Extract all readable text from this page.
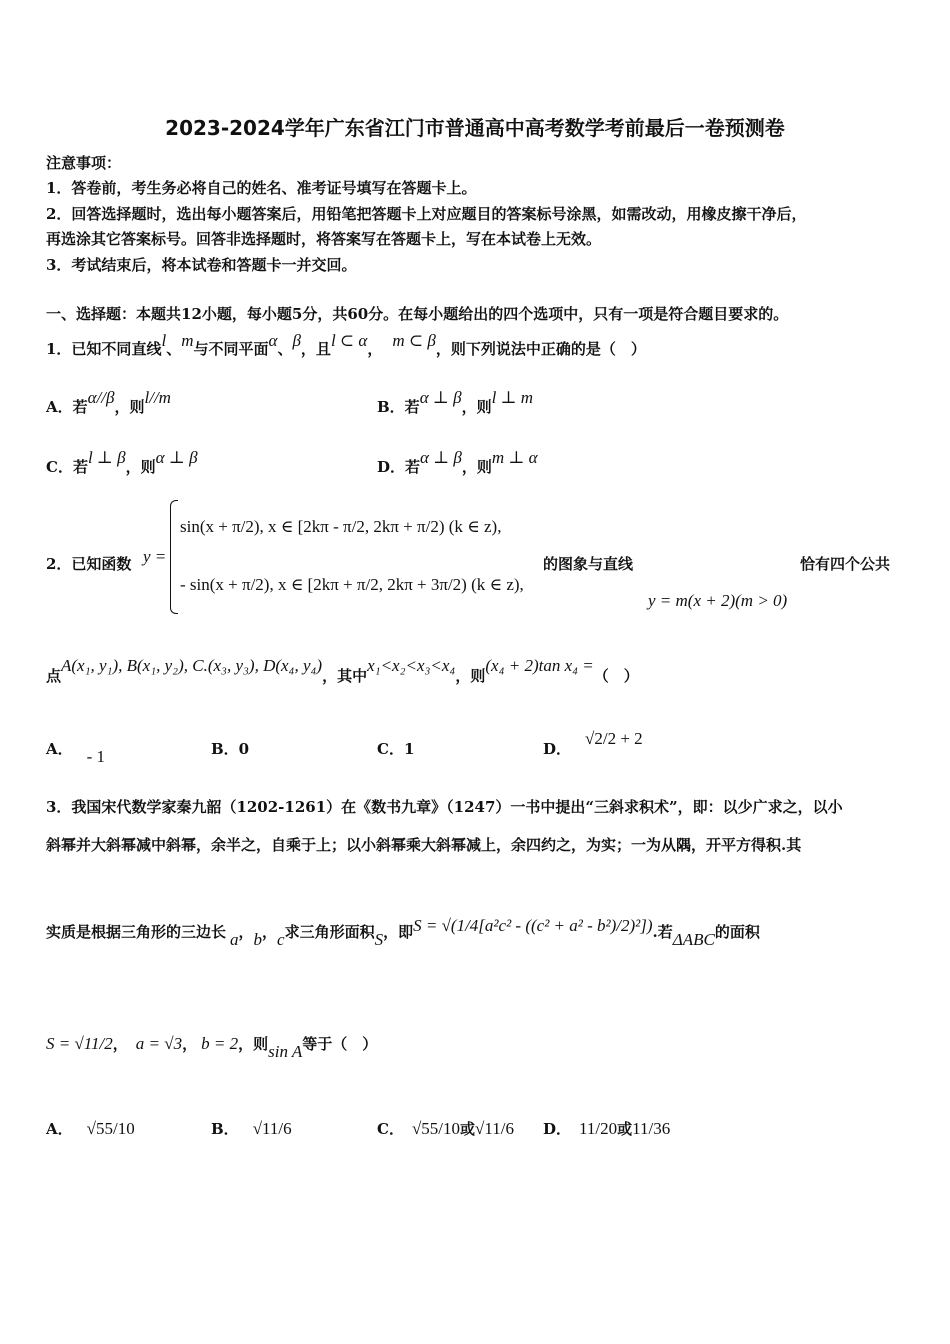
2023-2024学年广东省江门市普通高中高考数学考前最后一卷预测卷
注意事项：
1．答卷前，考生务必将自己的姓名、准考证号填写在答题卡上。
2．回答选择题时，选出每小题答案后，用铅笔把答题卡上对应题目的答案标号涂黑，如需改动，用橡皮擦干净后，
再选涂其它答案标号。回答非选择题时，将答案写在答题卡上，写在本试卷上无效。
3．考试结束后，将本试卷和答题卡一并交回。
一、选择题：本题共12小题，每小题5分，共60分。在每小题给出的四个选项中，只有一项是符合题目要求的。
1．已知不同直线l、m与不同平面α、β，且l ⊂ α， m ⊂ β，则下列说法中正确的是（　）
A．若α//β，则l//m	B．若α ⊥ β，则l ⊥ m
C．若l ⊥ β，则α ⊥ β	D．若α ⊥ β，则m ⊥ α
2．已知函数 y =
sin(x + π/2), x ∈ [2kπ - π/2, 2kπ + π/2) (k ∈ z),
- sin(x + π/2), x ∈ [2kπ + π/2, 2kπ + 3π/2) (k ∈ z),
的图象与直线	恰有四个公共
y = m(x + 2)(m > 0)
点A(x₁, y₁), B(x₁, y₂), C.(x₃, y₃), D(x₄, y₄)，其中x₁<x₂<x₃<x₄，则(x₄ + 2)tan x₄ =（　）
A． - 1	B．0	C．1	D．√2/2 + 2
3．我国宋代数学家秦九韶（1202-1261）在《数书九章》（1247）一书中提出“三斜求积术”，即：以少广求之，以小
斜幂并大斜幂减中斜幂，余半之，自乘于上；以小斜幂乘大斜幂减上，余四约之，为实；一为从隅，开平方得积.其
实质是根据三角形的三边长 a，b，c求三角形面积S，即S = √(1/4[a²c² - ((c² + a² - b²)/2)²]).若ΔABC的面积
S = √11/2， a = √3， b = 2，则sin A等于（　）
A． √55/10	B． √11/6	C． √55/10或√11/6 D． 11/20或11/36
